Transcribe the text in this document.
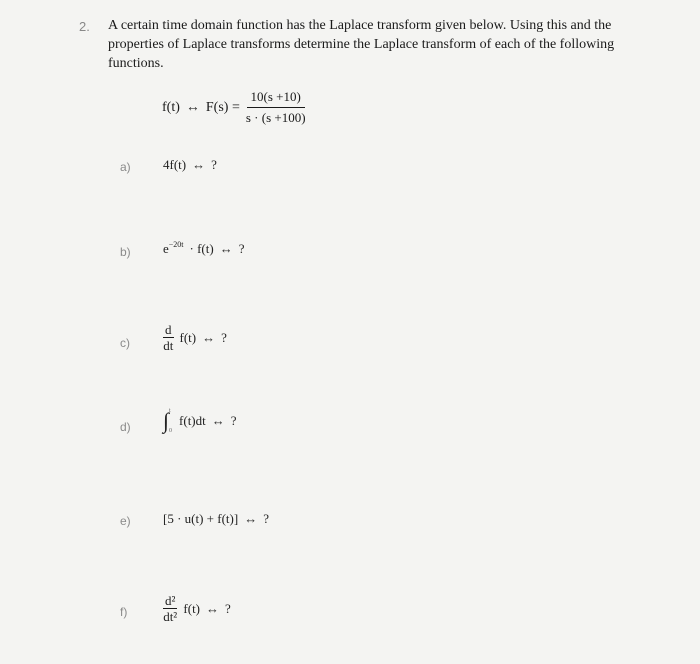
2. A certain time domain function has the Laplace transform given below. Using this and the properties of Laplace transforms determine the Laplace transform of each of the following functions.
f(t) ↔ $F(s) = \frac{10(s +10)}{s \cdot (s +100)}$
a) 4f(t) ↔ ?
b) $e^{-20t} \cdot f(t)$ ↔ ?
c)	$\frac{d}{dt} f(t)$ ↔ ?
d) ∫ t
0
f(t)dt ↔ ?
e) [5 · u(t) + f(t)] ↔ ?
f)	$\frac{\text{d²}}{\text{dt²}} f(t)$ ↔ ?
